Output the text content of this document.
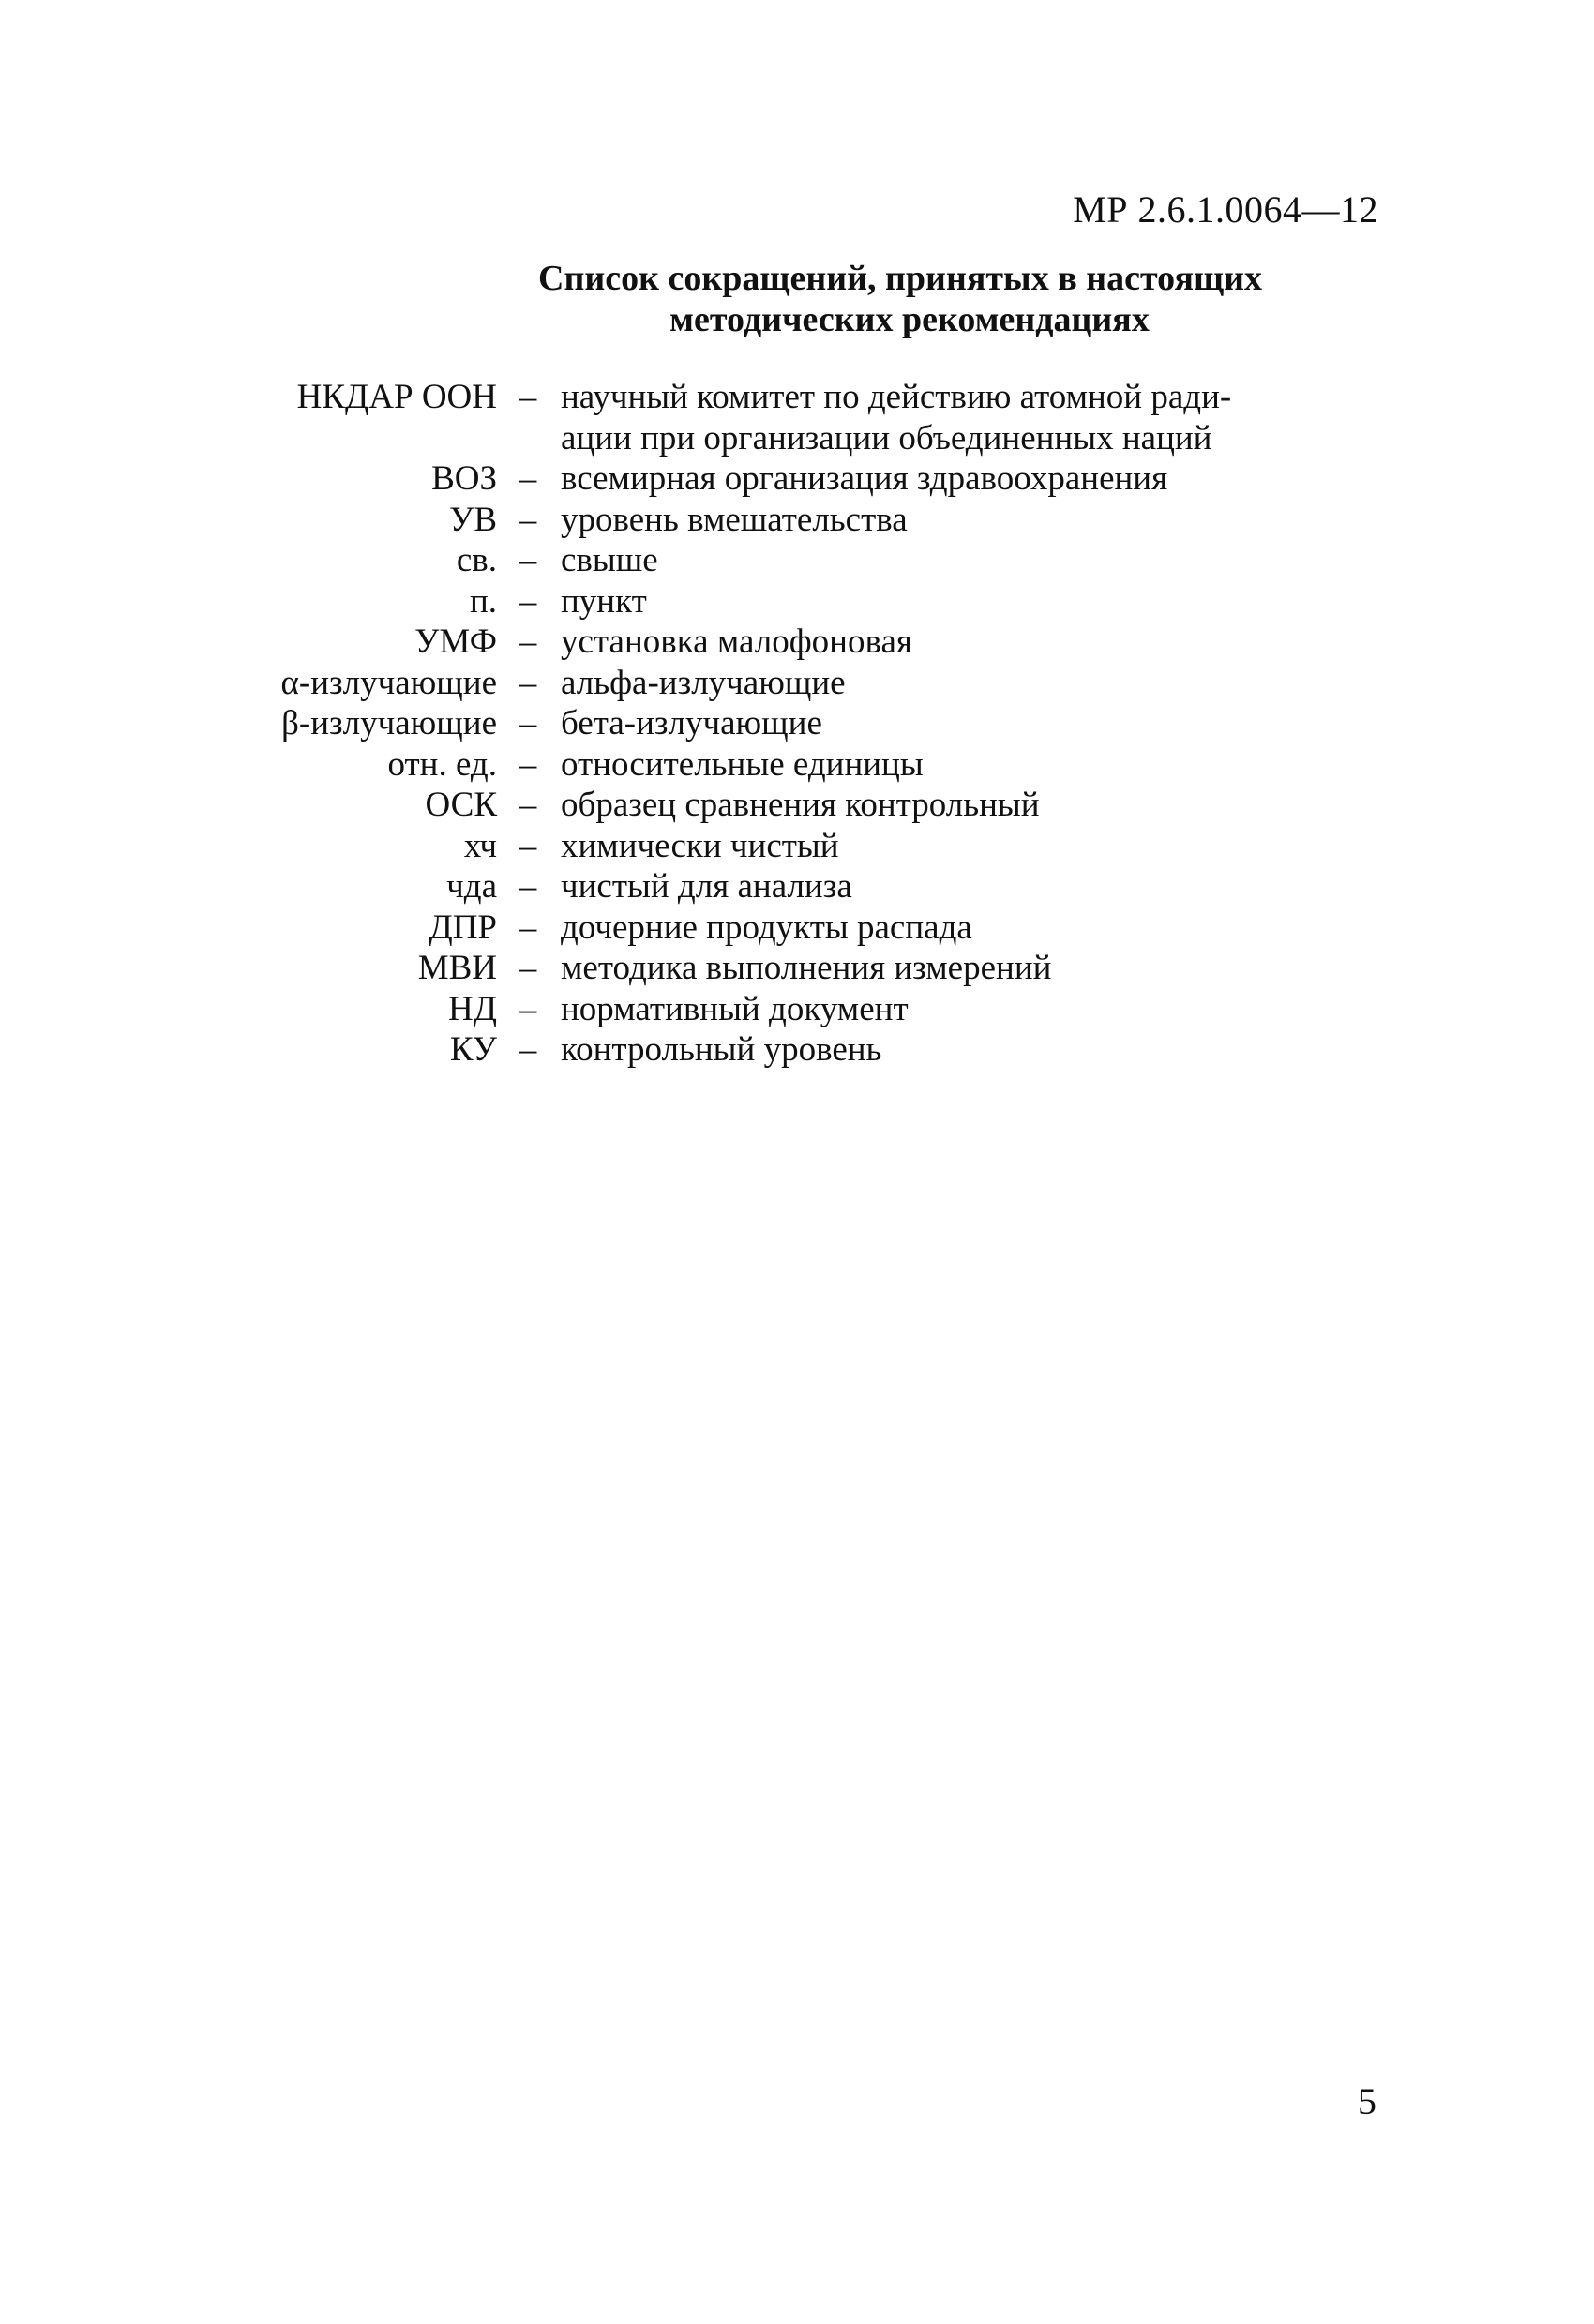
МР 2.6.1.0064—12
Список сокращений, принятых в настоящих
методических рекомендациях
НКДАР ООН – научный комитет по действию атомной ради-
ации при организации объединенных наций
ВОЗ – всемирная организация здравоохранения
УВ – уровень вмешательства
св. – свыше
п. – пункт
УМФ – установка малофоновая
α-излучающие – альфа-излучающие
β-излучающие – бета-излучающие
отн. ед. – относительные единицы
ОСК – образец сравнения контрольный
хч – химически чистый
чда – чистый для анализа
ДПР – дочерние продукты распада
МВИ – методика выполнения измерений
НД – нормативный документ
КУ – контрольный уровень
5
